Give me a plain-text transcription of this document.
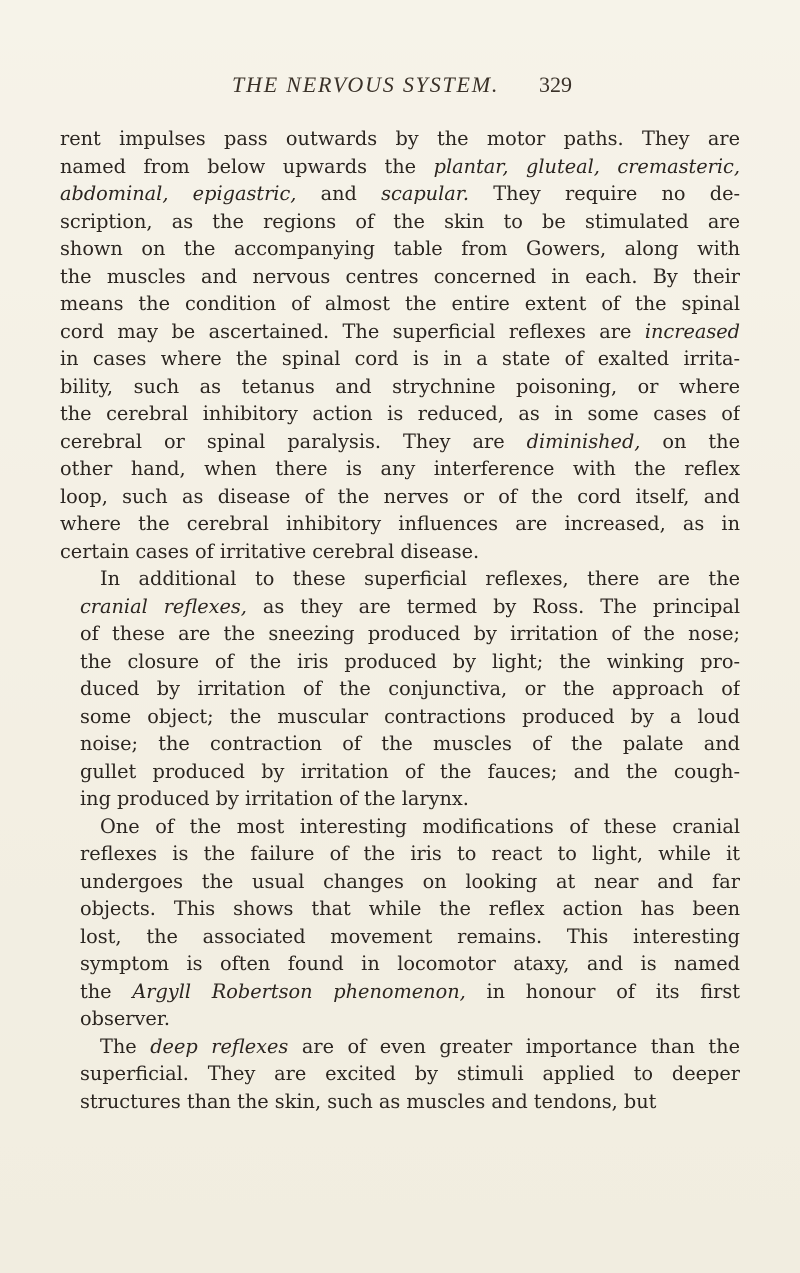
THE NERVOUS SYSTEM. 329
rent impulses pass outwards by the motor paths. They are
named from below upwards the plantar, gluteal, cremasteric,
abdominal, epigastric, and scapular. They require no de-
scription, as the regions of the skin to be stimulated are
shown on the accompanying table from Gowers, along with
the muscles and nervous centres concerned in each. By their
means the condition of almost the entire extent of the spinal
cord may be ascertained. The superficial reflexes are increased
in cases where the spinal cord is in a state of exalted irrita-
bility, such as tetanus and strychnine poisoning, or where
the cerebral inhibitory action is reduced, as in some cases of
cerebral or spinal paralysis. They are diminished, on the
other hand, when there is any interference with the reflex
loop, such as disease of the nerves or of the cord itself, and
where the cerebral inhibitory influences are increased, as in
certain cases of irritative cerebral disease.
In additional to these superficial reflexes, there are the
cranial reflexes, as they are termed by Ross. The principal
of these are the sneezing produced by irritation of the nose;
the closure of the iris produced by light; the winking pro-
duced by irritation of the conjunctiva, or the approach of
some object; the muscular contractions produced by a loud
noise; the contraction of the muscles of the palate and
gullet produced by irritation of the fauces; and the cough-
ing produced by irritation of the larynx.
One of the most interesting modifications of these cranial
reflexes is the failure of the iris to react to light, while it
undergoes the usual changes on looking at near and far
objects. This shows that while the reflex action has been
lost, the associated movement remains. This interesting
symptom is often found in locomotor ataxy, and is named
the Argyll Robertson phenomenon, in honour of its first
observer.
The deep reflexes are of even greater importance than the
superficial. They are excited by stimuli applied to deeper
structures than the skin, such as muscles and tendons, but
